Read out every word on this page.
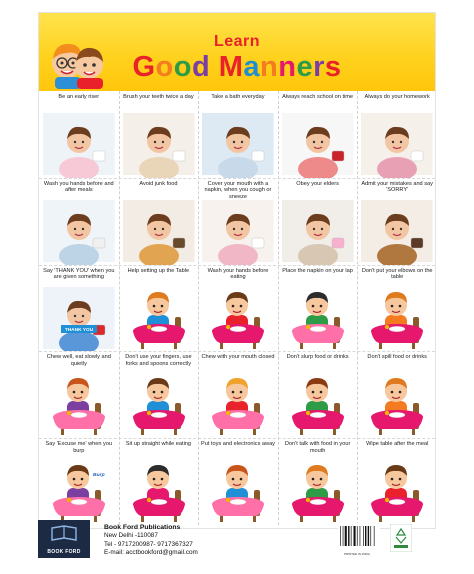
Learn
Good Manners
Be an early riser	Brush your teeth twice a day	Take a bath everyday	Always reach school on time	Always do your homework
Wash you hands before and after meals
Avoid junk food	Cover your mouth with a napkin, when you cough or sneeze
Obey your elders	Admit your mistakes and say 'SORRY'
THANK YOU
Say 'THANK YOU' when you are given something
Help setting up the Table	Wash your hands before eating
Place the napkin on your lap	Don't put your elbows on the table
Chew well, eat slowly and quietly
Don't use your fingers, use forks and spoons correctly
Chew with your mouth closed	Don't slurp food or drinks	Don't spill food or drinks
Burp
Say 'Excuse me' when you burp
Sit up straight while eating	Put toys and electronics away	Don't talk with food in your mouth
Wipe table after the meal
BOOK FORD
Book Ford Publications
New Delhi -110087
Tel - 9717200987- 9717367327
E-mail: acctbookford@gmail.com	PRINTED IN INDIA
